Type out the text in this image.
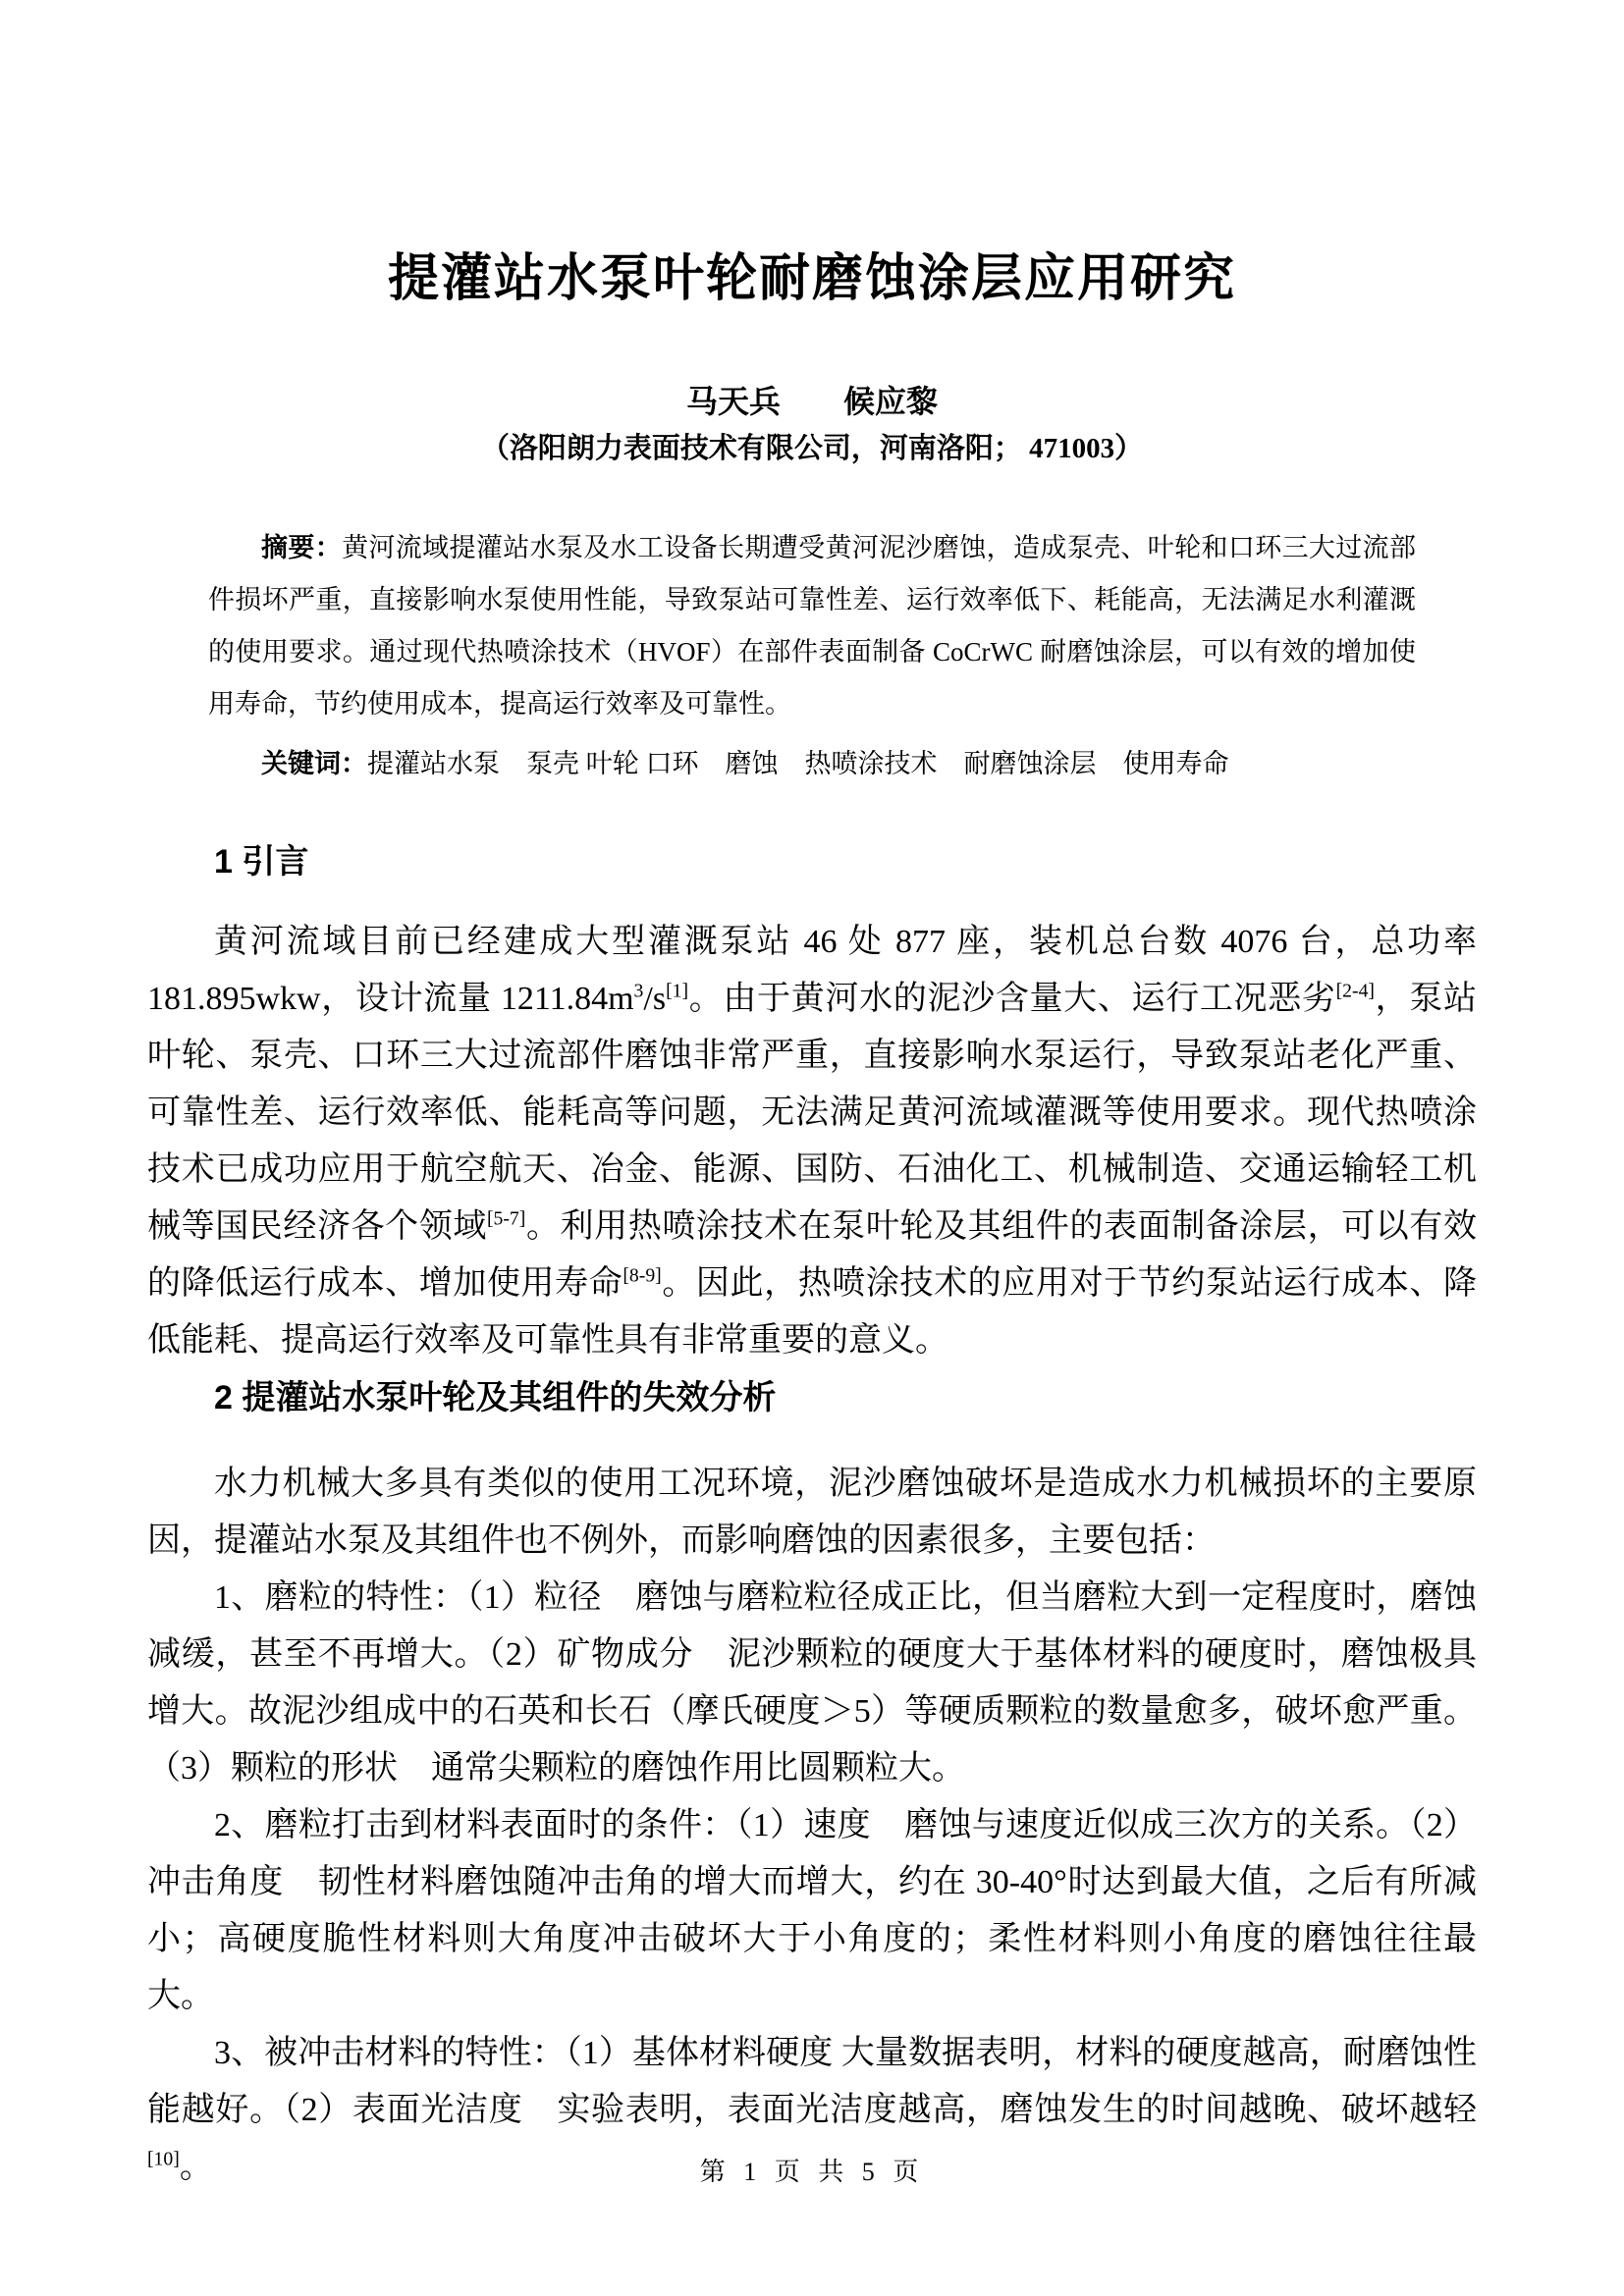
提灌站水泵叶轮耐磨蚀涂层应用研究
马天兵　　候应黎
（洛阳朗力表面技术有限公司，河南洛阳； 471003）

摘要：黄河流域提灌站水泵及水工设备长期遭受黄河泥沙磨蚀，造成泵壳、叶轮和口环三大过流部件损坏严重，直接影响水泵使用性能，导致泵站可靠性差、运行效率低下、耗能高，无法满足水利灌溉的使用要求。通过现代热喷涂技术（HVOF）在部件表面制备 CoCrWC 耐磨蚀涂层，可以有效的增加使用寿命，节约使用成本，提高运行效率及可靠性。

关键词：提灌站水泵　泵壳 叶轮 口环　磨蚀　热喷涂技术　耐磨蚀涂层　使用寿命

1 引言

黄河流域目前已经建成大型灌溉泵站 46 处 877 座，装机总台数 4076 台，总功率 181.895wkw，设计流量 $1211.84m^3/s[1]$。由于黄河水的泥沙含量大、运行工况恶劣[2-4]，泵站叶轮、泵壳、口环三大过流部件磨蚀非常严重，直接影响水泵运行，导致泵站老化严重、可靠性差、运行效率低、能耗高等问题，无法满足黄河流域灌溉等使用要求。现代热喷涂技术已成功应用于航空航天、冶金、能源、国防、石油化工、机械制造、交通运输轻工机械等国民经济各个领域[5-7]。利用热喷涂技术在泵叶轮及其组件的表面制备涂层，可以有效的降低运行成本、增加使用寿命[8-9]。因此，热喷涂技术的应用对于节约泵站运行成本、降低能耗、提高运行效率及可靠性具有非常重要的意义。

2 提灌站水泵叶轮及其组件的失效分析

水力机械大多具有类似的使用工况环境，泥沙磨蚀破坏是造成水力机械损坏的主要原因，提灌站水泵及其组件也不例外，而影响磨蚀的因素很多，主要包括：

1、磨粒的特性：（1）粒径　磨蚀与磨粒粒径成正比，但当磨粒大到一定程度时，磨蚀减缓，甚至不再增大。（2）矿物成分　泥沙颗粒的硬度大于基体材料的硬度时，磨蚀极具增大。故泥沙组成中的石英和长石（摩氏硬度＞5）等硬质颗粒的数量愈多，破坏愈严重。（3）颗粒的形状　通常尖颗粒的磨蚀作用比圆颗粒大。

2、磨粒打击到材料表面时的条件：（1）速度　磨蚀与速度近似成三次方的关系。（2）冲击角度　韧性材料磨蚀随冲击角的增大而增大，约在 30-40°时达到最大值，之后有所减小；高硬度脆性材料则大角度冲击破坏大于小角度的；柔性材料则小角度的磨蚀往往最大。

3、被冲击材料的特性：（1）基体材料硬度 大量数据表明，材料的硬度越高，耐磨蚀性能越好。（2）表面光洁度　实验表明，表面光洁度越高，磨蚀发生的时间越晚、破坏越轻[10]。	第 1 页 共 5 页
